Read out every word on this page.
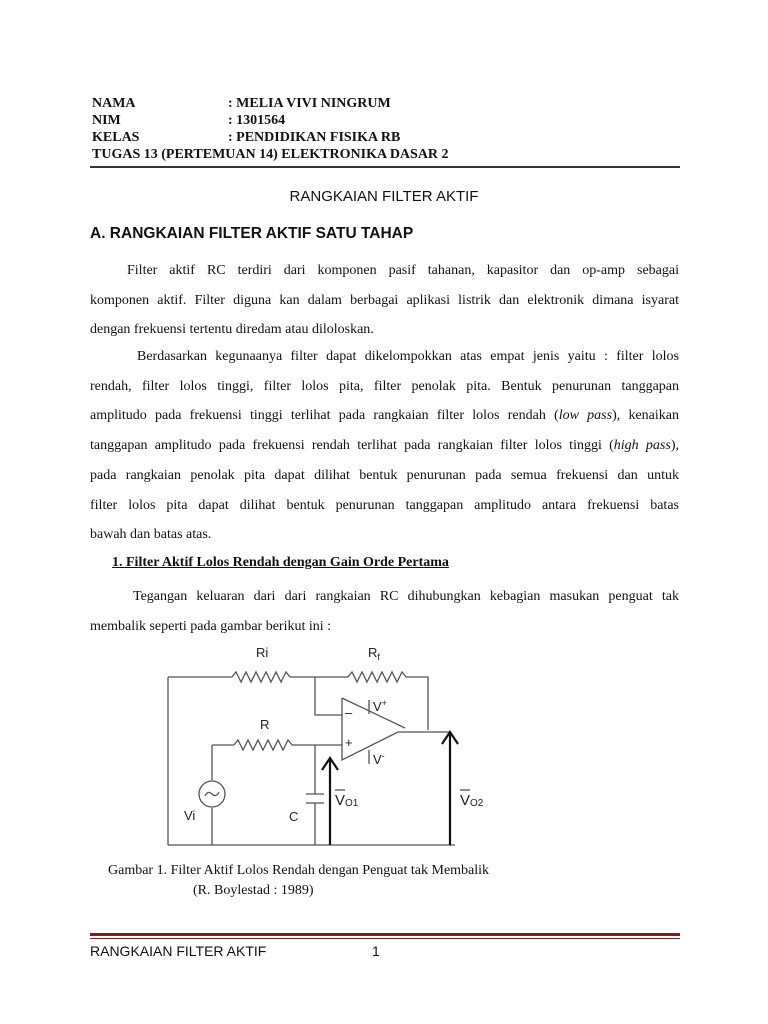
NAMA	: MELIA VIVI NINGRUM
NIM	: 1301564
KELAS	: PENDIDIKAN FISIKA RB
TUGAS 13 (PERTEMUAN 14) ELEKTRONIKA DASAR 2
RANGKAIAN FILTER AKTIF
A. RANGKAIAN FILTER AKTIF SATU TAHAP
Filter aktif RC terdiri dari komponen pasif tahanan, kapasitor dan op-amp sebagai
komponen aktif. Filter diguna kan dalam berbagai aplikasi listrik dan elektronik dimana isyarat
dengan frekuensi tertentu diredam atau diloloskan.
Berdasarkan kegunaanya filter dapat dikelompokkan atas empat jenis yaitu : filter lolos
rendah, filter lolos tinggi, filter lolos pita, filter penolak pita. Bentuk penurunan tanggapan
amplitudo pada frekuensi tinggi terlihat pada rangkaian filter lolos rendah (low pass), kenaikan
tanggapan amplitudo pada frekuensi rendah terlihat pada rangkaian filter lolos tinggi (high pass),
pada rangkaian penolak pita dapat dilihat bentuk penurunan pada semua frekuensi dan untuk
filter lolos pita dapat dilihat bentuk penurunan tanggapan amplitudo antara frekuensi batas
bawah dan batas atas.
1. Filter Aktif Lolos Rendah dengan Gain Orde Pertama
Tegangan keluaran dari dari rangkaian RC dihubungkan kebagian masukan penguat tak
membalik seperti pada gambar berikut ini :
Ri	$R_f$
R
C
Vi
–
+
V+
V-
VO1	VO2
Gambar 1. Filter Aktif Lolos Rendah dengan Penguat tak Membalik
(R. Boylestad : 1989)
RANGKAIAN FILTER AKTIF	1
